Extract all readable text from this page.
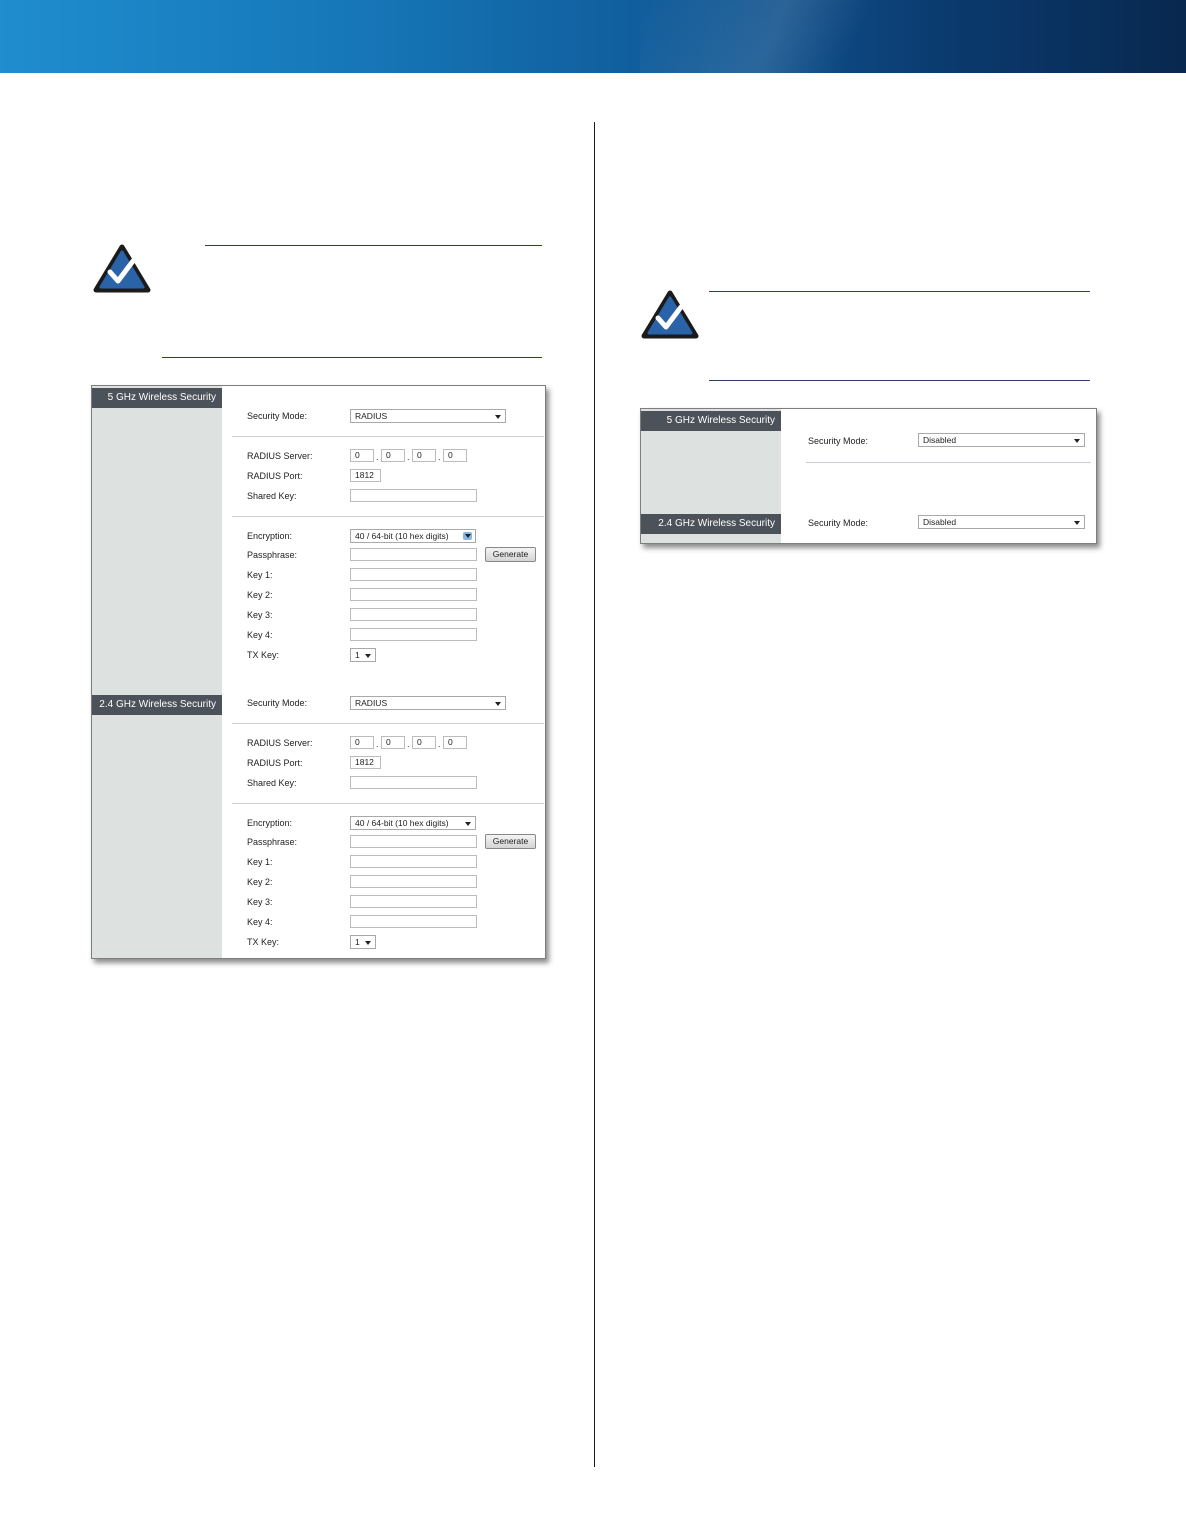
5 GHz Wireless Security
Security Mode:	RADIUS
RADIUS Server:	0	. 0	. 0	. 0
RADIUS Port:	1812
Shared Key:
Encryption:	40 / 64-bit (10 hex digits)
Passphrase:	Generate
Key 1:
Key 2:
Key 3:
Key 4:
TX Key:	1
2.4 GHz Wireless Security	Security Mode:	RADIUS
RADIUS Server:	0	. 0	. 0	. 0
RADIUS Port:	1812
Shared Key:
Encryption:	40 / 64-bit (10 hex digits)
Passphrase:	Generate
Key 1:
Key 2:
Key 3:
Key 4:
TX Key:	1
5 GHz Wireless Security
Security Mode:	Disabled
2.4 GHz Wireless Security	Security Mode:	Disabled
